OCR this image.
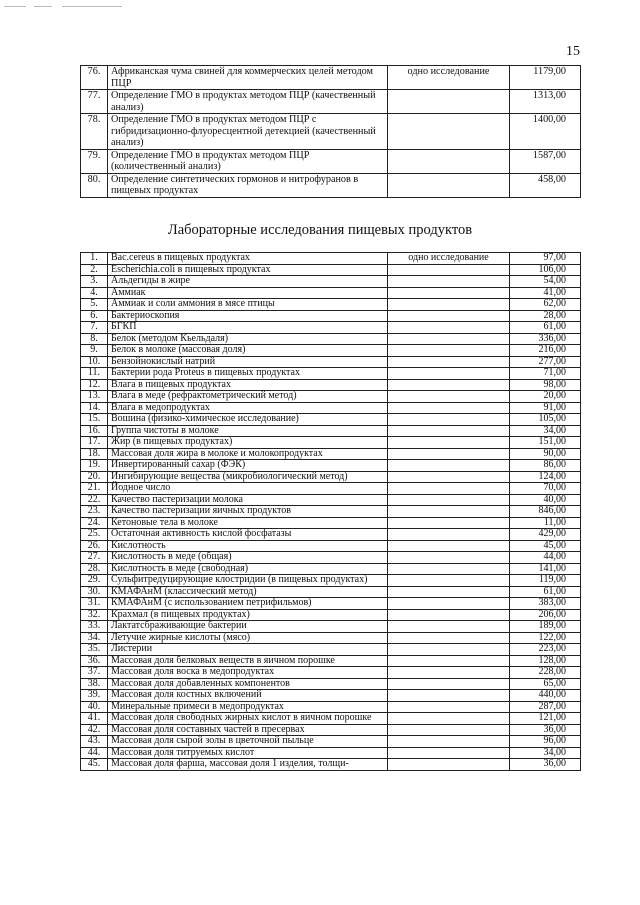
15
76.	Африканская чума свиней для коммерческих целей методом ПЦР	одно исследование	1179,00
77.	Определение ГМО в продуктах методом ПЦР (качественный анализ)		1313,00
78.	Определение ГМО в продуктах методом ПЦР с гибридизационно-флуоресцентной детекцией (качественный анализ)		1400,00
79.	Определение ГМО в продуктах методом ПЦР (количественный анализ)		1587,00
80.	Определение синтетических гормонов и нитрофуранов в пищевых продуктах		458,00
Лабораторные исследования пищевых продуктов
1.	Bac.cereus в пищевых продуктах	одно исследование	97,00
2.	Escherichia.coli в пищевых продуктах		106,00
3.	Альдегиды в жире		54,00
4.	Аммиак		41,00
5.	Аммиак и соли аммония в мясе птицы		62,00
6.	Бактериоскопия		28,00
7.	БГКП		61,00
8.	Белок (методом Кьельдаля)		336,00
9.	Белок в молоке (массовая доля)		216,00
10.	Бензойнокислый натрий		277,00
11.	Бактерии рода Proteus в пищевых продуктах		71,00
12.	Влага в пищевых продуктах		98,00
13.	Влага в меде (рефрактометрический метод)		20,00
14.	Влага в медопродуктах		91,00
15.	Вошина (физико-химическое исследование)		105,00
16.	Группа чистоты в молоке		34,00
17.	Жир (в пищевых продуктах)		151,00
18.	Массовая доля жира в молоке и молокопродуктах		90,00
19.	Инвертированный сахар (ФЭК)		86,00
20.	Ингибирующие вещества (микробиологический метод)		124,00
21.	Йодное число		70,00
22.	Качество пастеризации молока		40,00
23.	Качество пастеризации яичных продуктов		846,00
24.	Кетоновые тела в молоке		11,00
25.	Остаточная активность кислой фосфатазы		429,00
26.	Кислотность		45,00
27.	Кислотность в меде (общая)		44,00
28.	Кислотность в меде (свободная)		141,00
29.	Сульфитредуцирующие клостридии (в пищевых продуктах)		119,00
30.	КМАФАнМ (классический метод)		61,00
31.	КМАФАнМ (с использованием петрифильмов)		383,00
32.	Крахмал (в пищевых продуктах)		206,00
33.	Лактатсбраживающие бактерии		189,00
34.	Летучие жирные кислоты (мясо)		122,00
35.	Листерии		223,00
36.	Массовая доля белковых веществ в яичном порошке		128,00
37.	Массовая доля воска в медопродуктах		228,00
38.	Массовая доля добавленных компонентов		65,00
39.	Массовая доля костных включений		440,00
40.	Минеральные примеси в медопродуктах		287,00
41.	Массовая доля свободных жирных кислот в яичном порошке		121,00
42.	Массовая доля составных частей в пресервах		36,00
43.	Массовая доля сырой золы в цветочной пыльце		96,00
44.	Массовая доля титруемых кислот		34,00
45.	Массовая доля фарша, массовая доля 1 изделия, толщи-		36,00
